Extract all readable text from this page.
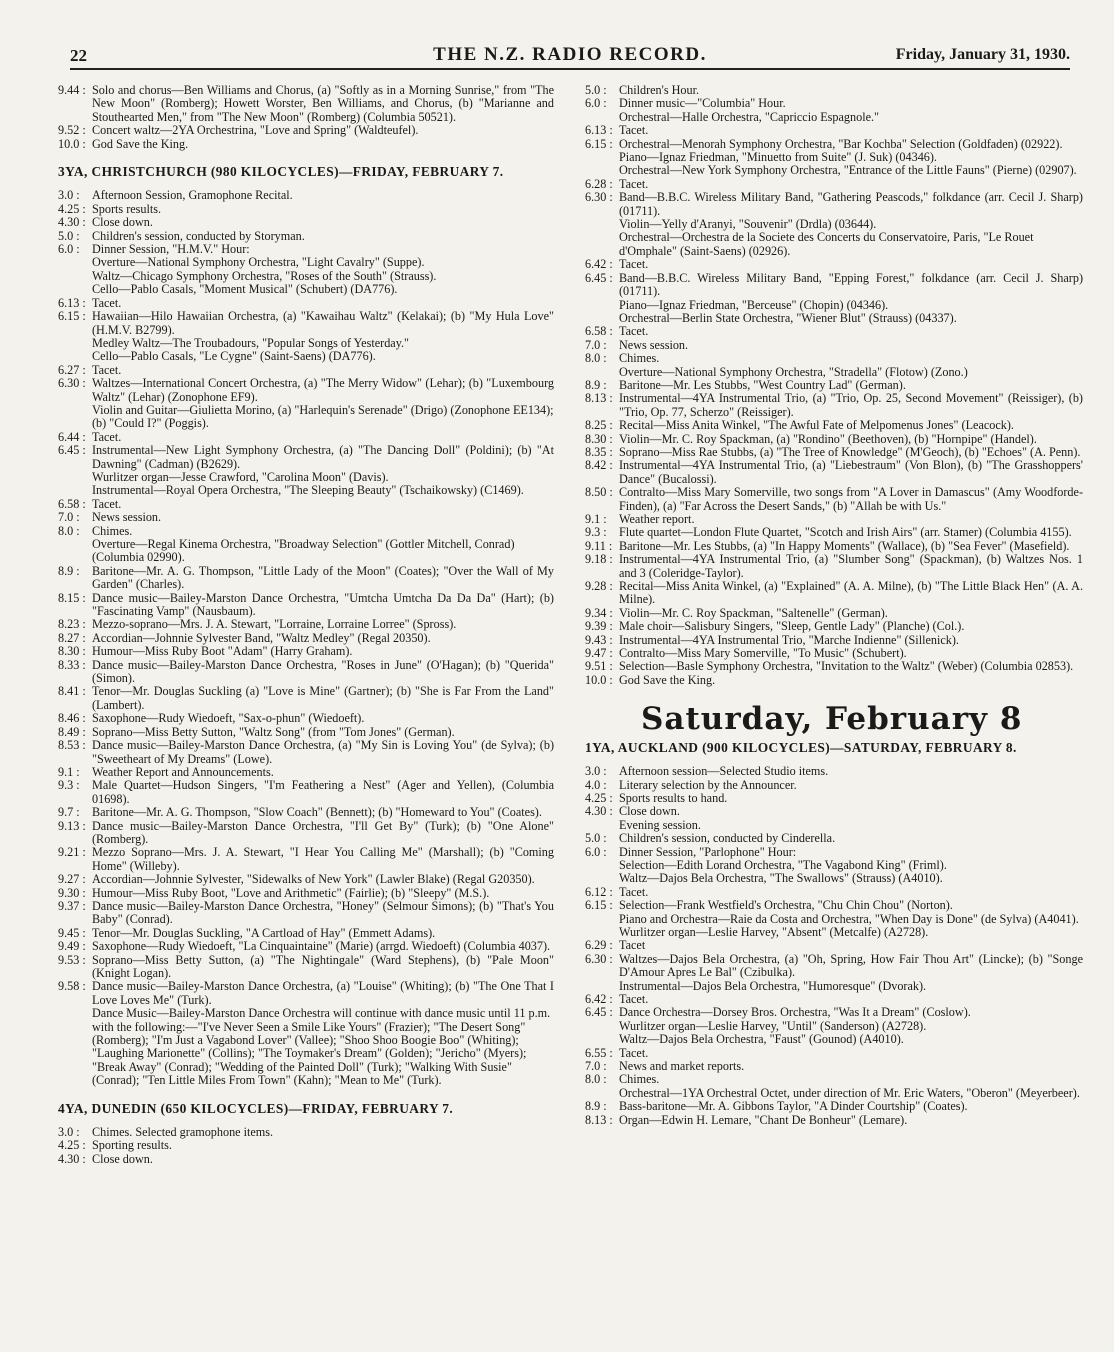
22	THE N.Z. RADIO RECORD.	Friday, January 31, 1930.
9.44 : Solo and chorus—Ben Williams and Chorus, (a) "Softly as in a Morning Sunrise," from "The New Moon" (Romberg); Howett Worster, Ben Williams, and Chorus, (b) "Marianne and Stouthearted Men," from "The New Moon" (Romberg) (Columbia 50521).
9.52 : Concert waltz—2YA Orchestrina, "Love and Spring" (Waldteufel).
10.0 : God Save the King.
3YA, CHRISTCHURCH (980 KILOCYCLES)—FRIDAY, FEBRUARY 7.
3.0 :	Afternoon Session, Gramophone Recital.
4.25 : Sports results.
4.30 : Close down.
5.0 :	Children's session, conducted by Storyman.
6.0 :	Dinner Session, "H.M.V." Hour:
Overture—National Symphony Orchestra, "Light Cavalry" (Suppe).
Waltz—Chicago Symphony Orchestra, "Roses of the South" (Strauss).
Cello—Pablo Casals, "Moment Musical" (Schubert) (DA776).
6.13 : Tacet.
6.15 : Hawaiian—Hilo Hawaiian Orchestra, (a) "Kawaihau Waltz" (Kelakai); (b) "My Hula Love" (H.M.V. B2799).
Medley Waltz—The Troubadours, "Popular Songs of Yesterday."
Cello—Pablo Casals, "Le Cygne" (Saint-Saens) (DA776).
6.27 : Tacet.
6.30 : Waltzes—International Concert Orchestra, (a) "The Merry Widow" (Lehar); (b) "Luxembourg Waltz" (Lehar) (Zonophone EF9).
Violin and Guitar—Giulietta Morino, (a) "Harlequin's Serenade" (Drigo) (Zonophone EE134); (b) "Could I?" (Poggis).
6.44 : Tacet.
6.45 : Instrumental—New Light Symphony Orchestra, (a) "The Dancing Doll" (Poldini); (b) "At Dawning" (Cadman) (B2629).
Wurlitzer organ—Jesse Crawford, "Carolina Moon" (Davis).
Instrumental—Royal Opera Orchestra, "The Sleeping Beauty" (Tschaikowsky) (C1469).
6.58 : Tacet.
7.0 :	News session.
8.0 :	Chimes.
Overture—Regal Kinema Orchestra, "Broadway Selection" (Gottler Mitchell, Conrad) (Columbia 02990).
8.9 :	Baritone—Mr. A. G. Thompson, "Little Lady of the Moon" (Coates); "Over the Wall of My Garden" (Charles).
8.15 : Dance music—Bailey-Marston Dance Orchestra, "Umtcha Umtcha Da Da Da" (Hart); (b) "Fascinating Vamp" (Nausbaum).
8.23 : Mezzo-soprano—Mrs. J. A. Stewart, "Lorraine, Lorraine Lorree" (Spross).
8.27 : Accordian—Johnnie Sylvester Band, "Waltz Medley" (Regal 20350).
8.30 : Humour—Miss Ruby Boot "Adam" (Harry Graham).
8.33 : Dance music—Bailey-Marston Dance Orchestra, "Roses in June" (O'Hagan); (b) "Querida" (Simon).
8.41 : Tenor—Mr. Douglas Suckling (a) "Love is Mine" (Gartner); (b) "She is Far From the Land" (Lambert).
8.46 : Saxophone—Rudy Wiedoeft, "Sax-o-phun" (Wiedoeft).
8.49 : Soprano—Miss Betty Sutton, "Waltz Song" (from "Tom Jones" (German).
8.53 : Dance music—Bailey-Marston Dance Orchestra, (a) "My Sin is Loving You" (de Sylva); (b) "Sweetheart of My Dreams" (Lowe).
9.1 :	Weather Report and Announcements.
9.3 :	Male Quartet—Hudson Singers, "I'm Feathering a Nest" (Ager and Yellen), (Columbia 01698).
9.7 :	Baritone—Mr. A. G. Thompson, "Slow Coach" (Bennett); (b) "Homeward to You" (Coates).
9.13 : Dance music—Bailey-Marston Dance Orchestra, "I'll Get By" (Turk); (b) "One Alone" (Romberg).
9.21 : Mezzo Soprano—Mrs. J. A. Stewart, "I Hear You Calling Me" (Marshall); (b) "Coming Home" (Willeby).
9.27 : Accordian—Johnnie Sylvester, "Sidewalks of New York" (Lawler Blake) (Regal G20350).
9.30 : Humour—Miss Ruby Boot, "Love and Arithmetic" (Fairlie); (b) "Sleepy" (M.S.).
9.37 : Dance music—Bailey-Marston Dance Orchestra, "Honey" (Selmour Simons); (b) "That's You Baby" (Conrad).
9.45 : Tenor—Mr. Douglas Suckling, "A Cartload of Hay" (Emmett Adams).
9.49 : Saxophone—Rudy Wiedoeft, "La Cinquaintaine" (Marie) (arrgd. Wiedoeft) (Columbia 4037).
9.53 : Soprano—Miss Betty Sutton, (a) "The Nightingale" (Ward Stephens), (b) "Pale Moon" (Knight Logan).
9.58 : Dance music—Bailey-Marston Dance Orchestra, (a) "Louise" (Whiting); (b) "The One That I Love Loves Me" (Turk).
Dance Music—Bailey-Marston Dance Orchestra will continue with dance music until 11 p.m. with the following:—"I've Never Seen a Smile Like Yours" (Frazier); "The Desert Song" (Romberg); "I'm Just a Vagabond Lover" (Vallee); "Shoo Shoo Boogie Boo" (Whiting); "Laughing Marionette" (Collins); "The Toymaker's Dream" (Golden); "Jericho" (Myers); "Break Away" (Conrad); "Wedding of the Painted Doll" (Turk); "Walking With Susie" (Conrad); "Ten Little Miles From Town" (Kahn); "Mean to Me" (Turk).
4YA, DUNEDIN (650 KILOCYCLES)—FRIDAY, FEBRUARY 7.
3.0 :	Chimes. Selected gramophone items.
4.25 : Sporting results.
4.30 : Close down.
5.0 :	Children's Hour.
6.0 :	Dinner music—"Columbia" Hour.
Orchestral—Halle Orchestra, "Capriccio Espagnole."
6.13 : Tacet.
6.15 : Orchestral—Menorah Symphony Orchestra, "Bar Kochba" Selection (Goldfaden) (02922).
Piano—Ignaz Friedman, "Minuetto from Suite" (J. Suk) (04346).
Orchestral—New York Symphony Orchestra, "Entrance of the Little Fauns" (Pierne) (02907).
6.28 : Tacet.
6.30 : Band—B.B.C. Wireless Military Band, "Gathering Peascods," folkdance (arr. Cecil J. Sharp) (01711).
Violin—Yelly d'Aranyi, "Souvenir" (Drdla) (03644).
Orchestral—Orchestra de la Societe des Concerts du Conservatoire, Paris, "Le Rouet d'Omphale" (Saint-Saens) (02926).
6.42 : Tacet.
6.45 : Band—B.B.C. Wireless Military Band, "Epping Forest," folkdance (arr. Cecil J. Sharp) (01711).
Piano—Ignaz Friedman, "Berceuse" (Chopin) (04346).
Orchestral—Berlin State Orchestra, "Wiener Blut" (Strauss) (04337).
6.58 : Tacet.
7.0 :	News session.
8.0 :	Chimes.
Overture—National Symphony Orchestra, "Stradella" (Flotow) (Zono.)
8.9 :	Baritone—Mr. Les Stubbs, "West Country Lad" (German).
8.13 : Instrumental—4YA Instrumental Trio, (a) "Trio, Op. 25, Second Movement" (Reissiger), (b) "Trio, Op. 77, Scherzo" (Reissiger).
8.25 : Recital—Miss Anita Winkel, "The Awful Fate of Melpomenus Jones" (Leacock).
8.30 : Violin—Mr. C. Roy Spackman, (a) "Rondino" (Beethoven), (b) "Hornpipe" (Handel).
8.35 : Soprano—Miss Rae Stubbs, (a) "The Tree of Knowledge" (M'Geoch), (b) "Echoes" (A. Penn).
8.42 : Instrumental—4YA Instrumental Trio, (a) "Liebestraum" (Von Blon), (b) "The Grasshoppers' Dance" (Bucalossi).
8.50 : Contralto—Miss Mary Somerville, two songs from "A Lover in Damascus" (Amy Woodforde-Finden), (a) "Far Across the Desert Sands," (b) "Allah be with Us."
9.1 :	Weather report.
9.3 :	Flute quartet—London Flute Quartet, "Scotch and Irish Airs" (arr. Stamer) (Columbia 4155).
9.11 : Baritone—Mr. Les Stubbs, (a) "In Happy Moments" (Wallace), (b) "Sea Fever" (Masefield).
9.18 : Instrumental—4YA Instrumental Trio, (a) "Slumber Song" (Spackman), (b) Waltzes Nos. 1 and 3 (Coleridge-Taylor).
9.28 : Recital—Miss Anita Winkel, (a) "Explained" (A. A. Milne), (b) "The Little Black Hen" (A. A. Milne).
9.34 : Violin—Mr. C. Roy Spackman, "Saltenelle" (German).
9.39 : Male choir—Salisbury Singers, "Sleep, Gentle Lady" (Planche) (Col.).
9.43 : Instrumental—4YA Instrumental Trio, "Marche Indienne" (Sillenick).
9.47 : Contralto—Miss Mary Somerville, "To Music" (Schubert).
9.51 : Selection—Basle Symphony Orchestra, "Invitation to the Waltz" (Weber) (Columbia 02853).
10.0 : God Save the King.
Saturday, February 8
1YA, AUCKLAND (900 KILOCYCLES)—SATURDAY, FEBRUARY 8.
3.0 :	Afternoon session—Selected Studio items.
4.0 :	Literary selection by the Announcer.
4.25 : Sports results to hand.
4.30 : Close down.
Evening session.
5.0 :	Children's session, conducted by Cinderella.
6.0 :	Dinner Session, "Parlophone" Hour:
Selection—Edith Lorand Orchestra, "The Vagabond King" (Friml).
Waltz—Dajos Bela Orchestra, "The Swallows" (Strauss) (A4010).
6.12 : Tacet.
6.15 : Selection—Frank Westfield's Orchestra, "Chu Chin Chou" (Norton).
Piano and Orchestra—Raie da Costa and Orchestra, "When Day is Done" (de Sylva) (A4041).
Wurlitzer organ—Leslie Harvey, "Absent" (Metcalfe) (A2728).
6.29 : Tacet
6.30 : Waltzes—Dajos Bela Orchestra, (a) "Oh, Spring, How Fair Thou Art" (Lincke); (b) "Songe D'Amour Apres Le Bal" (Czibulka).
Instrumental—Dajos Bela Orchestra, "Humoresque" (Dvorak).
6.42 : Tacet.
6.45 : Dance Orchestra—Dorsey Bros. Orchestra, "Was It a Dream" (Coslow).
Wurlitzer organ—Leslie Harvey, "Until" (Sanderson) (A2728).
Waltz—Dajos Bela Orchestra, "Faust" (Gounod) (A4010).
6.55 : Tacet.
7.0 :	News and market reports.
8.0 :	Chimes.
Orchestral—1YA Orchestral Octet, under direction of Mr. Eric Waters, "Oberon" (Meyerbeer).
8.9 :	Bass-baritone—Mr. A. Gibbons Taylor, "A Dinder Courtship" (Coates).
8.13 : Organ—Edwin H. Lemare, "Chant De Bonheur" (Lemare).
